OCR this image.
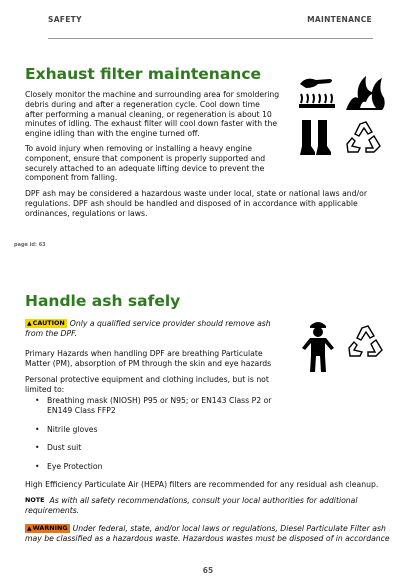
SAFETY	MAINTENANCE
Exhaust filter maintenance

Closely monitor the machine and surrounding area for smoldering debris during and after a regeneration cycle. Cool down time after performing a manual cleaning, or regeneration is about 10 minutes of idling. The exhaust filter will cool down faster with the engine idling than with the engine turned off.

To avoid injury when removing or installing a heavy engine component, ensure that component is properly supported and securely attached to an adequate lifting device to prevent the component from falling.

DPF ash may be considered a hazardous waste under local, state or national laws and/or regulations. DPF ash should be handled and disposed of in accordance with applicable ordinances, regulations or laws.

page id: 63
Handle ash safely

▲CAUTION Only a qualified service provider should remove ash from the DPF.

Primary Hazards when handling DPF are breathing Particulate Matter (PM), absorption of PM through the skin and eye hazards

Personal protective equipment and clothing includes, but is not limited to:

• Breathing mask (NIOSH) P95 or N95; or EN143 Class P2 or EN149 Class FFP2
• Nitrile gloves
• Dust suit
• Eye Protection

High Efficiency Particulate Air (HEPA) filters are recommended for any residual ash cleanup.

NOTE As with all safety recommendations, consult your local authorities for additional requirements.

▲WARNING Under federal, state, and/or local laws or regulations, Diesel Particulate Filter ash may be classified as a hazardous waste. Hazardous wastes must be disposed of in accordance

65
